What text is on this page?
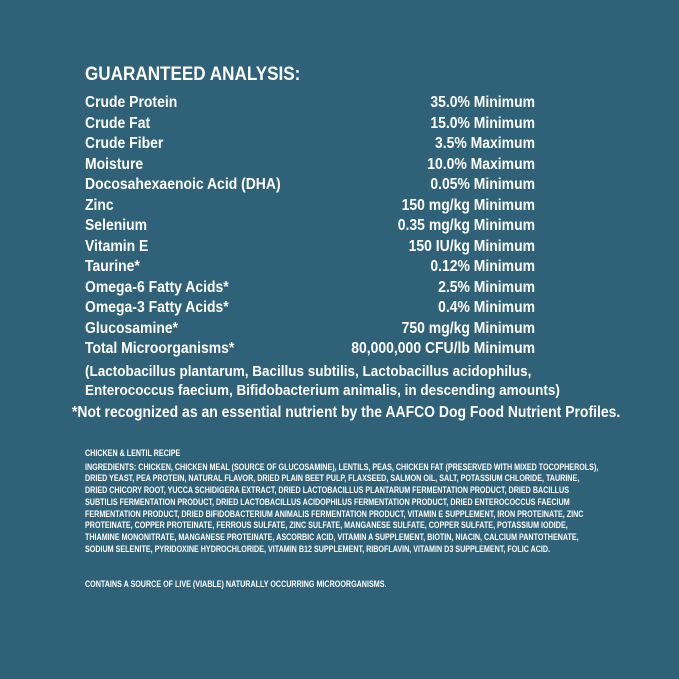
GUARANTEED ANALYSIS:
Crude Protein	35.0% Minimum
Crude Fat	15.0% Minimum
Crude Fiber	3.5% Maximum
Moisture	10.0% Maximum
Docosahexaenoic Acid (DHA)	0.05% Minimum
Zinc	150 mg/kg Minimum
Selenium	0.35 mg/kg Minimum
Vitamin E	150 IU/kg Minimum
Taurine*	0.12% Minimum
Omega-6 Fatty Acids*	2.5% Minimum
Omega-3 Fatty Acids*	0.4% Minimum
Glucosamine*	750 mg/kg Minimum
Total Microorganisms*	80,000,000 CFU/lb Minimum

(Lactobacillus plantarum, Bacillus subtilis, Lactobacillus acidophilus,
Enterococcus faecium, Bifidobacterium animalis, in descending amounts)

*Not recognized as an essential nutrient by the AAFCO Dog Food Nutrient Profiles.

CHICKEN & LENTIL RECIPE

INGREDIENTS: CHICKEN, CHICKEN MEAL (SOURCE OF GLUCOSAMINE), LENTILS, PEAS, CHICKEN FAT (PRESERVED WITH MIXED TOCOPHEROLS), DRIED YEAST, PEA PROTEIN, NATURAL FLAVOR, DRIED PLAIN BEET PULP, FLAXSEED, SALMON OIL, SALT, POTASSIUM CHLORIDE, TAURINE, DRIED CHICORY ROOT, YUCCA SCHIDIGERA EXTRACT, DRIED LACTOBACILLUS PLANTARUM FERMENTATION PRODUCT, DRIED BACILLUS SUBTILIS FERMENTATION PRODUCT, DRIED LACTOBACILLUS ACIDOPHILUS FERMENTATION PRODUCT, DRIED ENTEROCOCCUS FAECIUM FERMENTATION PRODUCT, DRIED BIFIDOBACTERIUM ANIMALIS FERMENTATION PRODUCT, VITAMIN E SUPPLEMENT, IRON PROTEINATE, ZINC PROTEINATE, COPPER PROTEINATE, FERROUS SULFATE, ZINC SULFATE, MANGANESE SULFATE, COPPER SULFATE, POTASSIUM IODIDE, THIAMINE MONONITRATE, MANGANESE PROTEINATE, ASCORBIC ACID, VITAMIN A SUPPLEMENT, BIOTIN, NIACIN, CALCIUM PANTOTHENATE, SODIUM SELENITE, PYRIDOXINE HYDROCHLORIDE, VITAMIN B12 SUPPLEMENT, RIBOFLAVIN, VITAMIN D3 SUPPLEMENT, FOLIC ACID.

CONTAINS A SOURCE OF LIVE (VIABLE) NATURALLY OCCURRING MICROORGANISMS.
